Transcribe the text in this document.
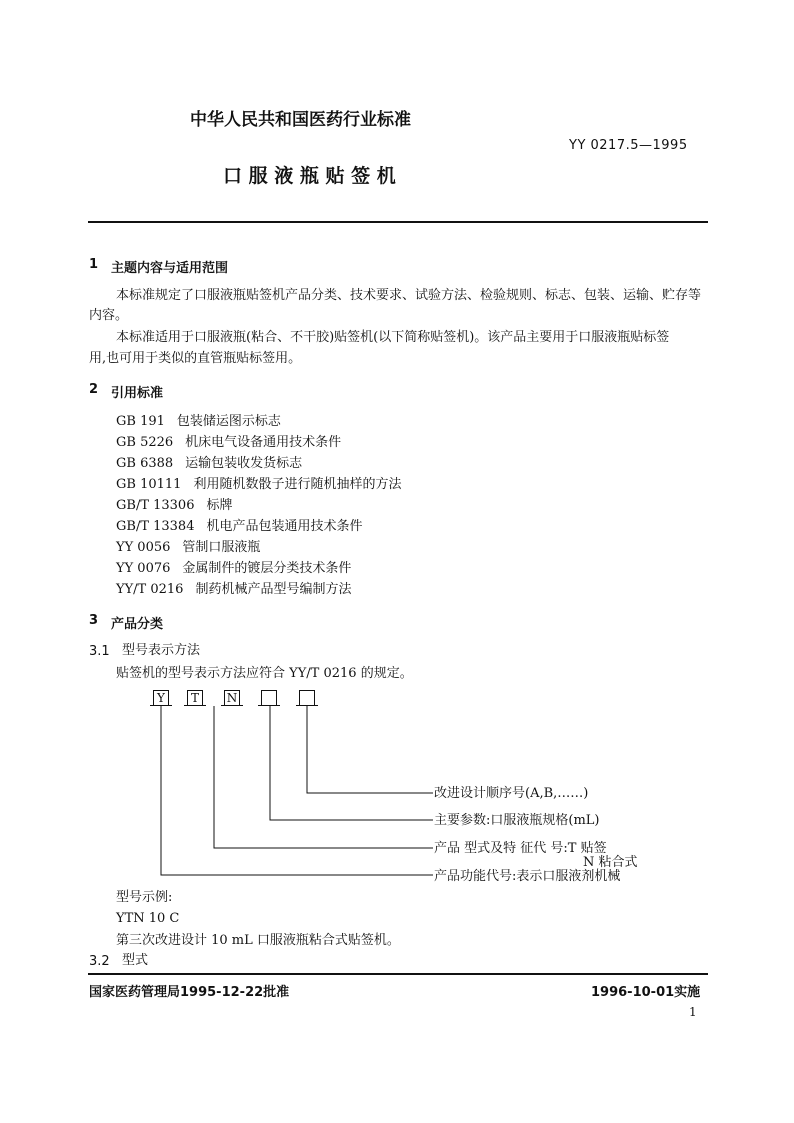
中华人民共和国医药行业标准
YY 0217.5—1995
口 服 液 瓶 贴 签 机
1 主题内容与适用范围
本标准规定了口服液瓶贴签机产品分类、技术要求、试验方法、检验规则、标志、包装、运输、贮存等
内容。
本标准适用于口服液瓶(粘合、不干胶)贴签机(以下简称贴签机)。该产品主要用于口服液瓶贴标签
用,也可用于类似的直管瓶贴标签用。
2 引用标准
GB 191 包装储运图示标志
GB 5226 机床电气设备通用技术条件
GB 6388 运输包装收发货标志
GB 10111 利用随机数骰子进行随机抽样的方法
GB/T 13306 标牌
GB/T 13384 机电产品包装通用技术条件
YY 0056 管制口服液瓶
YY 0076 金属制件的镀层分类技术条件
YY/T 0216 制药机械产品型号编制方法
3 产品分类
3.1 型号表示方法
贴签机的型号表示方法应符合 YY/T 0216 的规定。
Y	T	N
改进设计顺序号(A,B,……)
主要参数:口服液瓶规格(mL)
产品 型式及特 征代 号:T 贴签
N 粘合式
产品功能代号:表示口服液剂机械
型号示例:
YTN 10 C
第三次改进设计 10 mL 口服液瓶粘合式贴签机。
3.2 型式
国家医药管理局1995-12-22批准	1996-10-01实施
1
